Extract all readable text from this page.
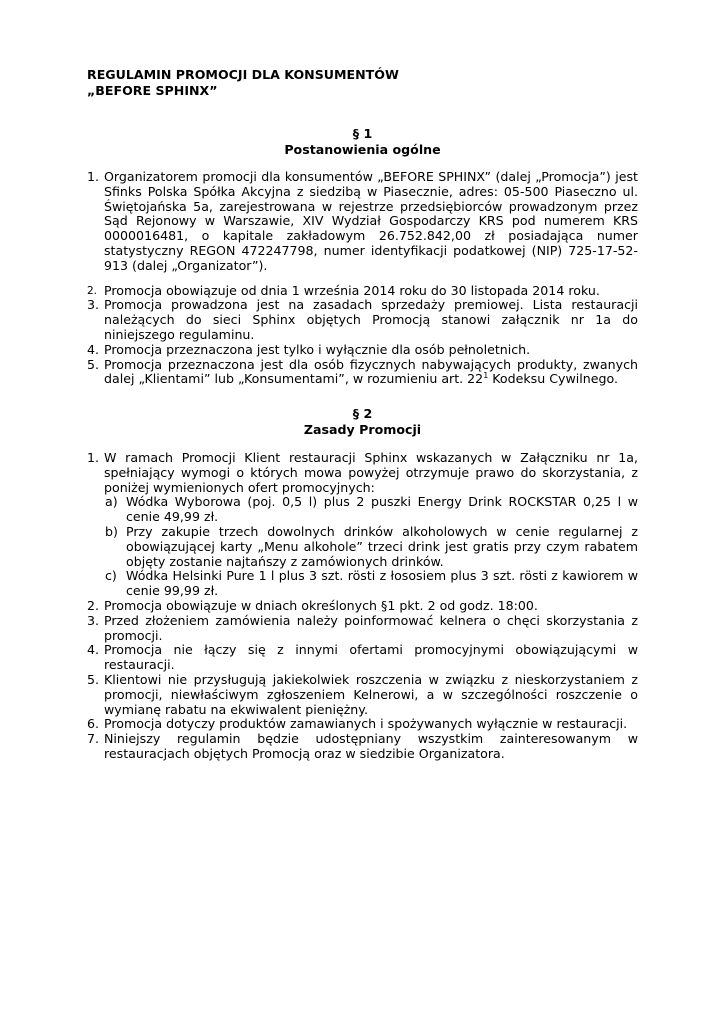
REGULAMIN PROMOCJI DLA KONSUMENTÓW
„BEFORE SPHINX”
§ 1
Postanowienia ogólne
1. Organizatorem promocji dla konsumentów „BEFORE SPHINX” (dalej „Promocja”) jest Sfinks Polska Spółka Akcyjna z siedzibą w Piasecznie, adres: 05-500 Piaseczno ul. Świętojańska 5a, zarejestrowana w rejestrze przedsiębiorców prowadzonym przez Sąd Rejonowy w Warszawie, XIV Wydział Gospodarczy KRS pod numerem KRS 0000016481, o kapitale zakładowym 26.752.842,00 zł posiadająca numer statystyczny REGON 472247798, numer identyfikacji podatkowej (NIP) 725-17-52-913 (dalej „Organizator”).
2. Promocja obowiązuje od dnia 1 września 2014 roku do 30 listopada 2014 roku.
3. Promocja prowadzona jest na zasadach sprzedaży premiowej. Lista restauracji należących do sieci Sphinx objętych Promocją stanowi załącznik nr 1a do niniejszego regulaminu.
4. Promocja przeznaczona jest tylko i wyłącznie dla osób pełnoletnich.
5. Promocja przeznaczona jest dla osób fizycznych nabywających produkty, zwanych dalej „Klientami” lub „Konsumentami”, w rozumieniu art. $22^1$ Kodeksu Cywilnego.
§ 2
Zasady Promocji
1. W ramach Promocji Klient restauracji Sphinx wskazanych w Załączniku nr 1a, spełniający wymogi o których mowa powyżej otrzymuje prawo do skorzystania, z poniżej wymienionych ofert promocyjnych:
a) Wódka Wyborowa (poj. 0,5 l) plus 2 puszki Energy Drink ROCKSTAR 0,25 l w cenie 49,99 zł.
b) Przy zakupie trzech dowolnych drinków alkoholowych w cenie regularnej z obowiązującej karty „Menu alkohole” trzeci drink jest gratis przy czym rabatem objęty zostanie najtańszy z zamówionych drinków.
c) Wódka Helsinki Pure 1 l plus 3 szt. rösti z łososiem plus 3 szt. rösti z kawiorem w cenie 99,99 zł.
2. Promocja obowiązuje w dniach określonych §1 pkt. 2 od godz. 18:00.
3. Przed złożeniem zamówienia należy poinformować kelnera o chęci skorzystania z promocji.
4. Promocja nie łączy się z innymi ofertami promocyjnymi obowiązującymi w restauracji.
5. Klientowi nie przysługują jakiekolwiek roszczenia w związku z nieskorzystaniem z promocji, niewłaściwym zgłoszeniem Kelnerowi, a w szczególności roszczenie o wymianę rabatu na ekwiwalent pieniężny.
6. Promocja dotyczy produktów zamawianych i spożywanych wyłącznie w restauracji.
7. Niniejszy regulamin będzie udostępniany wszystkim zainteresowanym w restauracjach objętych Promocją oraz w siedzibie Organizatora.
